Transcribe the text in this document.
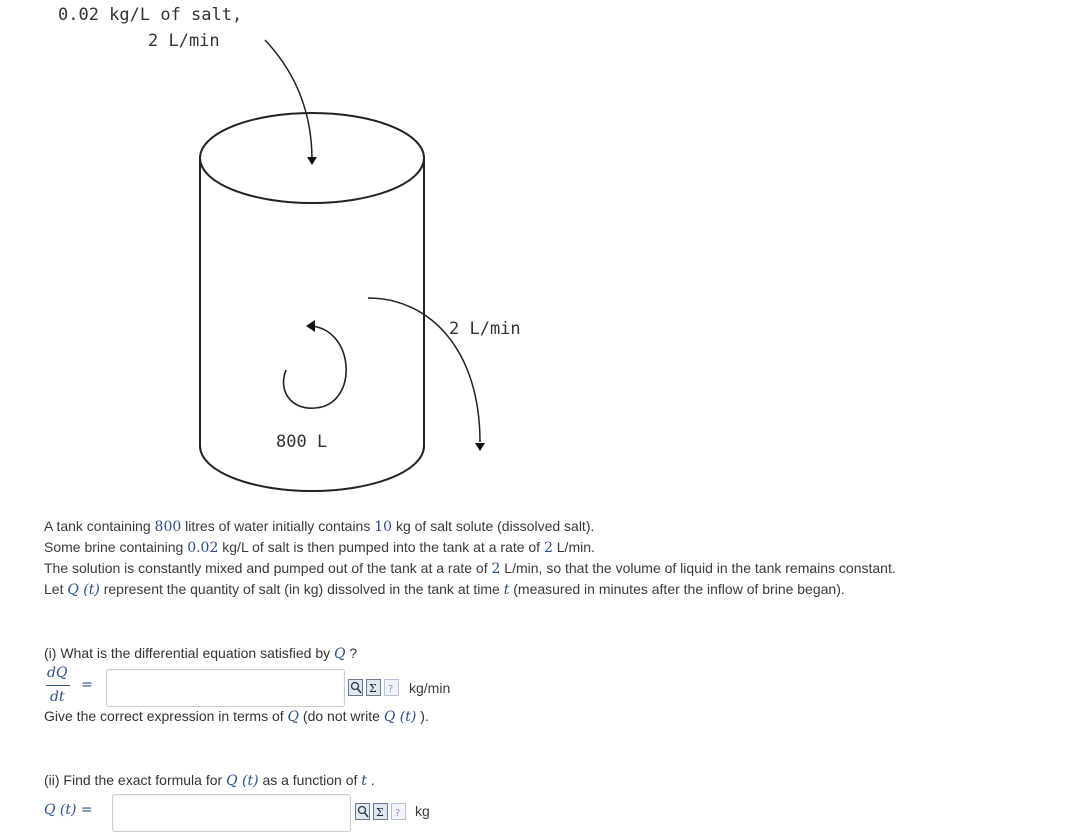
0.02 kg/L of salt,
2 L/min
2 L/min
800 L
A tank containing 800 litres of water initially contains 10 kg of salt solute (dissolved salt).
Some brine containing 0.02 kg/L of salt is then pumped into the tank at a rate of 2 L/min.
The solution is constantly mixed and pumped out of the tank at a rate of 2 L/min, so that the volume of liquid in the tank remains constant.
Let Q (t) represent the quantity of salt (in kg) dissolved in the tank at time t (measured in minutes after the inflow of brine began).
(i) What is the differential equation satisfied by Q ?
dQ
dt
=	Σ ? kg/min
Give the correct expression in terms of Q (do not write Q (t) ).
(ii) Find the exact formula for Q (t) as a function of t .
Q (t) =	Σ ? kg
